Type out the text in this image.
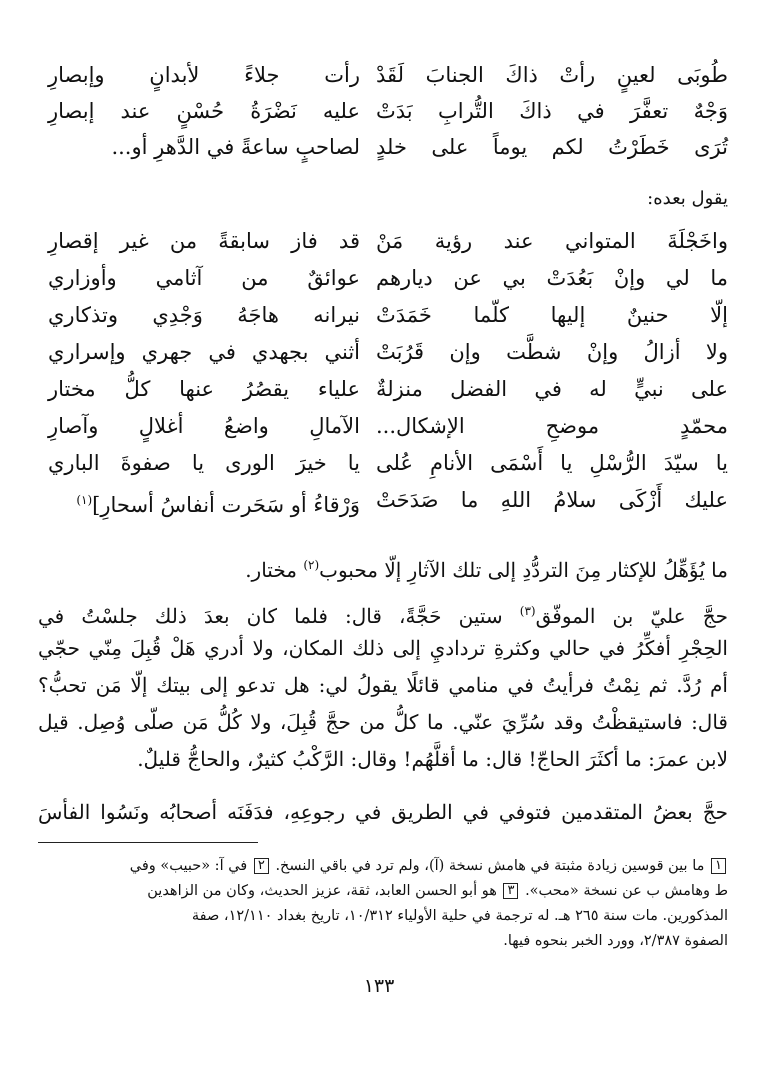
طُوبَى لعينٍ رأتْ ذاكَ الجنابَ لَقَدْ
رأت جلاءً لأبدانٍ وإبصارِ
وَجْهٌ تعفَّرَ في ذاكَ التُّرابِ بَدَتْ
عليه نَضْرَةُ حُسْنٍ عند إبصارِ
تُرَى خَطَرْتُ لكم يوماً على خلدٍ
لصاحبٍ ساعةً في الدَّهرِ أو...
يقول بعده:
واخَجْلَةَ المتواني عند رؤية مَنْ
قد فاز سابقةً من غير إقصارِ
ما لي وإنْ بَعُدَتْ بي عن ديارهم
عوائقٌ من آثامي وأوزاري
إلّا حنينٌ إليها كلّما خَمَدَتْ
نيرانه هاجَهُ وَجْدِي وتذكاري
ولا أزالُ وإنْ شطَّت وإن قَرُبَتْ
أثني بجهدي في جهري وإسراري
على نبيٍّ له في الفضل منزلةٌ
علياء يقصُرُ عنها كلُّ مختار
محمّدٍ موضحِ الإشكال...
الآمالِ واضعُ أغلالٍ وآصارِ
يا سيّدَ الرُّسْلِ يا أَسْمَى الأنامِ عُلى
يا خيرَ الورى يا صفوةَ الباري
عليك أَزْكَى سلامُ اللهِ ما صَدَحَتْ
وَرْقاءُ أو سَحَرت أنفاسُ أسحارِ]$^{(١)}$
ما يُؤَهِّلُ للإكثار مِنَ التردُّدِ إلى تلك الآثارِ إلّا محبوب$^{(٢)}$ مختار.
حجَّ عليّ بن الموفّق$^{(٣)}$ ستين حَجَّةً، قال: فلما كان بعدَ ذلك جلسْتُ في
الحِجْرِ أفكِّرُ في حالي وكثرةِ ترداديِ إلى ذلك المكان، ولا أدري هَلْ قُبِلَ مِنّي حجّي
أم رُدَّ. ثم نِمْتُ فرأيتُ في منامي قائلًا يقولُ لي: هل تدعو إلى بيتك إلّا مَن تحبُّ؟
قال: فاستيقظْتُ وقد سُرِّيَ عنّي. ما كلُّ من حجَّ قُبِلَ، ولا كُلُّ مَن صلّى وُصِل. قيل
لابن عمرَ: ما أكثَرَ الحاجّ! قال: ما أقلَّهُم! وقال: الرَّكْبُ كثيرٌ، والحاجُّ قليلٌ.
حجَّ بعضُ المتقدمين فتوفي في الطريق في رجوعِهِ، فدَفَنَه أصحابُه ونَسُوا الفأسَ
١ ما بين قوسين زيادة مثبتة في هامش نسخة (آ)، ولم ترد في باقي النسخ. ٢ في آ: «حبيب» وفي
ط وهامش ب عن نسخة «محب». ٣ هو أبو الحسن العابد، ثقة، عزيز الحديث، وكان من الزاهدين
المذكورين. مات سنة ٢٦٥ هـ. له ترجمة في حلية الأولياء ١٠/٣١٢، تاريخ بغداد ١٢/١١٠، صفة
الصفوة ٢/٣٨٧، وورد الخبر بنحوه فيها.
١٣٣
